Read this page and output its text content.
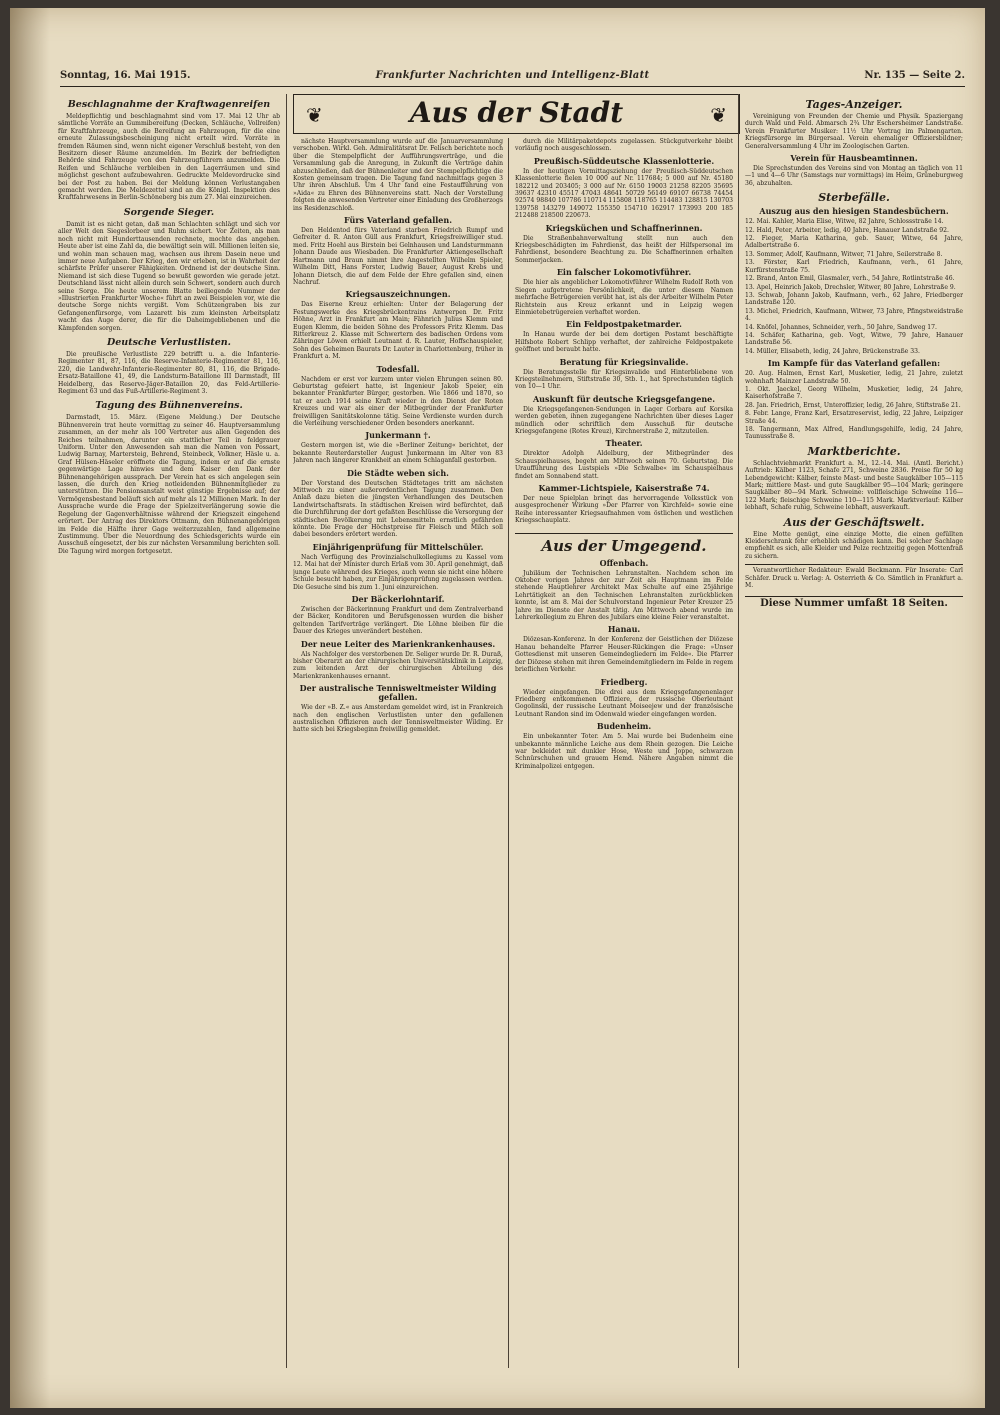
Sonntag, 16. Mai 1915.	Frankfurter Nachrichten und Intelligenz-Blatt	Nr. 135 — Seite 2.
❦	Aus der Stadt	❦
Beschlagnahme der Kraftwagenreifen

Meldepflichtig und beschlagnahmt sind vom 17. Mai 12 Uhr ab sämtliche Vorräte an Gummibereifung (Decken, Schläuche, Vollreifen) für Kraftfahrzeuge, auch die Bereifung an Fahrzeugen, für die eine erneute Zulassungsbescheinigung nicht erteilt wird. Vorräte in fremden Räumen sind, wenn nicht eigener Verschluß besteht, von den Besitzern dieser Räume anzumelden. Im Bezirk der befriedigten Behörde sind Fahrzeuge von den Fahrzeugführern anzumelden. Die Reifen und Schläuche verbleiben in den Lagerräumen und sind möglichst geschont aufzubewahren. Gedruckte Meldevordrucke sind bei der Post zu haben. Bei der Meldung können Verlustangaben gemacht werden. Die Meldezettel sind an die Königl. Inspektion des Kraftfahrwesens in Berlin-Schöneberg bis zum 27. Mai einzureichen.

Sorgende Sieger.

Damit ist es nicht getan, daß man Schlachten schlägt und sich vor aller Welt den Siegeslorbeer und Ruhm sichert. Vor Zeiten, als man noch nicht mit Hunderttausenden rechnete, mochte das angehen. Heute aber ist eine Zahl da, die bewältigt sein will. Millionen leiten sie, und wohin man schauen mag, wachsen aus ihrem Dasein neue und immer neue Aufgaben. Der Krieg, den wir erleben, ist in Wahrheit der schärfste Prüfer unserer Fähigkeiten. Ordnend ist der deutsche Sinn. Niemand ist sich diese Tugend so bewußt geworden wie gerade jetzt. Deutschland lässt nicht allein durch sein Schwert, sondern auch durch seine Sorge. Die heute unserem Blatte beiliegende Nummer der »Illustrierten Frankfurter Woche« führt an zwei Beispielen vor, wie die deutsche Sorge nichts vergißt. Vom Schützengraben bis zur Gefangenenfürsorge, vom Lazarett bis zum kleinsten Arbeitsplatz wacht das Auge derer, die für die Daheimgebliebenen und die Kämpfenden sorgen.

Deutsche Verlustlisten.

Die preußische Verlustliste 229 betrifft u. a. die Infanterie-Regimenter 81, 87, 116, die Reserve-Infanterie-Regimenter 81, 116, 220, die Landwehr-Infanterie-Regimenter 80, 81, 116, die Brigade-Ersatz-Bataillone 41, 49, die Landsturm-Bataillone III Darmstadt, III Heidelberg, das Reserve-Jäger-Bataillon 20, das Feld-Artillerie-Regiment 63 und das Fuß-Artillerie-Regiment 3.

Tagung des Bühnenvereins.

Darmstadt, 15. März. (Eigene Meldung.) Der Deutsche Bühnenverein trat heute vormittag zu seiner 46. Hauptversammlung zusammen, an der mehr als 100 Vertreter aus allen Gegenden des Reiches teilnahmen, darunter ein stattlicher Teil in feldgrauer Uniform. Unter den Anwesenden sah man die Namen von Possart, Ludwig Barnay, Martersteig, Behrend, Steinbeck, Volkner, Häsle u. a. Graf Hülsen-Häseler eröffnete die Tagung, indem er auf die ernste gegenwärtige Lage hinwies und dem Kaiser den Dank der Bühnenangehörigen aussprach. Der Verein hat es sich angelegen sein lassen, die durch den Krieg notleidenden Bühnenmitglieder zu unterstützen. Die Pensionsanstalt weist günstige Ergebnisse auf; der Vermögensbestand beläuft sich auf mehr als 12 Millionen Mark. In der Aussprache wurde die Frage der Spielzeitverlängerung sowie die Regelung der Gagenverhältnisse während der Kriegszeit eingehend erörtert. Der Antrag des Direktors Ottmann, den Bühnenangehörigen im Felde die Hälfte ihrer Gage weiterzuzahlen, fand allgemeine Zustimmung. Über die Neuordnung des Schiedsgerichts wurde ein Ausschuß eingesetzt, der bis zur nächsten Versammlung berichten soll. Die Tagung wird morgen fortgesetzt.

nächste Hauptversammlung wurde auf die Januarversammlung verschoben. Wirkl. Geh. Admiralitätsrat Dr. Felisch berichtete noch über die Stempelpflicht der Aufführungsverträge, und die Versammlung gab die Anregung, in Zukunft die Verträge dahin abzuschließen, daß der Bühnenleiter und der Stempelpflichtige die Kosten gemeinsam tragen. Die Tagung fand nachmittags gegen 3 Uhr ihren Abschluß. Um 4 Uhr fand eine Festaufführung von »Aida« zu Ehren des Bühnenvereins statt. Nach der Vorstellung folgten die anwesenden Vertreter einer Einladung des Großherzogs ins Residenzschloß.

Fürs Vaterland gefallen.

Den Heldentod fürs Vaterland starben Friedrich Rumpf und Gefreiter d. R. Anton Güll aus Frankfurt, Kriegsfreiwilliger stud. med. Fritz Hoehl aus Birstein bei Gelnhausen und Landsturmmann Johann Daude aus Wiesbaden. Die Frankfurter Aktiengesellschaft Hartmann und Braun nimmt ihre Angestellten Wilhelm Spieler, Wilhelm Ditt, Hans Forster, Ludwig Bauer, August Krebs und Johann Dietsch, die auf dem Felde der Ehre gefallen sind, einen Nachruf.

Kriegsauszeichnungen.

Das Eiserne Kreuz erhielten: Unter der Belagerung der Festungswerke des Kriegsbrückentrains Antwerpen Dr. Fritz Höhne, Arzt in Frankfurt am Main; Fähnrich Julius Klemm und Eugen Klemm, die beiden Söhne des Professors Fritz Klemm. Das Ritterkreuz 2. Klasse mit Schwertern des badischen Ordens vom Zähringer Löwen erhielt Leutnant d. R. Lauter, Hoffschauspieler, Sohn des Geheimen Baurats Dr. Lauter in Charlottenburg, früher in Frankfurt a. M.

Todesfall.

Nachdem er erst vor kurzem unter vielen Ehrungen seinen 80. Geburtstag gefeiert hatte, ist Ingenieur Jakob Speier, ein bekannter Frankfurter Bürger, gestorben. Wie 1866 und 1870, so tat er auch 1914 seine Kraft wieder in den Dienst der Roten Kreuzes und war als einer der Mitbegründer der Frankfurter freiwilligen Sanitätskolonne tätig. Seine Verdienste wurden durch die Verleihung verschiedener Orden besonders anerkannt.

Junkermann †.

Gestern morgen ist, wie die »Berliner Zeitung« berichtet, der bekannte Reuterdarsteller August Junkermann im Alter von 83 Jahren nach längerer Krankheit an einem Schlaganfall gestorben.

Die Städte weben sich.

Der Vorstand des Deutschen Städtetages tritt am nächsten Mittwoch zu einer außerordentlichen Tagung zusammen. Den Anlaß dazu bieten die jüngsten Verhandlungen des Deutschen Landwirtschaftsrats. In städtischen Kreisen wird befürchtet, daß die Durchführung der dort gefaßten Beschlüsse die Versorgung der städtischen Bevölkerung mit Lebensmitteln ernstlich gefährden könnte. Die Frage der Höchstpreise für Fleisch und Milch soll dabei besonders erörtert werden.

Einjährigenprüfung für Mittelschüler.

Nach Verfügung des Provinzialschulkollegiums zu Kassel vom 12. Mai hat der Minister durch Erlaß vom 30. April genehmigt, daß junge Leute während des Krieges, auch wenn sie nicht eine höhere Schule besucht haben, zur Einjährigenprüfung zugelassen werden. Die Gesuche sind bis zum 1. Juni einzureichen.

Der Bäckerlohntarif.

Zwischen der Bäckerinnung Frankfurt und dem Zentralverband der Bäcker, Konditoren und Berufsgenossen wurden die bisher geltenden Tarifverträge verlängert. Die Löhne bleiben für die Dauer des Krieges unverändert bestehen.

Der neue Leiter des Marienkrankenhauses.

Als Nachfolger des verstorbenen Dr. Seliger wurde Dr. R. Duraß, bisher Oberarzt an der chirurgischen Universitätsklinik in Leipzig, zum leitenden Arzt der chirurgischen Abteilung des Marienkrankenhauses ernannt.

Der australische Tennisweltmeister Wilding gefallen.

Wie der »B. Z.« aus Amsterdam gemeldet wird, ist in Frankreich nach den englischen Verlustlisten unter den gefallenen australischen Offizieren auch der Tennisweltmeister Wilding. Er hatte sich bei Kriegsbeginn freiwillig gemeldet.

durch die Militärpaketdepots zugelassen. Stückgutverkehr bleibt vorläufig noch ausgeschlossen.

Preußisch-Süddeutsche Klassenlotterie.

In der heutigen Vormittagsziehung der Preußisch-Süddeutschen Klassenlotterie fielen 10 000 auf Nr. 117684; 5 000 auf Nr. 45180 182212 und 203405; 3 000 auf Nr. 6150 19003 21258 82205 35695 39637 42310 45517 47043 48641 50729 56149 69107 66738 74454 92574 98840 107786 110714 115808 118765 114483 128815 130703 139758 143279 149072 155350 154710 162917 173993 200 185 212488 218500 220673.

Kriegsküchen und Schaffnerinnen.

Die Straßenbahnverwaltung stellt nun auch den Kriegsbeschädigten im Fahrdienst, das heißt der Hilfspersonal im Fahrdienst, besondere Beachtung zu. Die Schaffnerinnen erhalten Sommerjacken.

Ein falscher Lokomotivführer.

Die hier als angeblicher Lokomotivführer Wilhelm Rudolf Roth von Siegen aufgetretene Persönlichkeit, die unter diesem Namen mehrfache Betrügereien verübt hat, ist als der Arbeiter Wilhelm Peter Richtstein aus Kreuz erkannt und in Leipzig wegen Einmietebetrügereien verhaftet worden.

Ein Feldpostpaketmarder.

In Hanau wurde der bei dem dortigen Postamt beschäftigte Hilfsbote Robert Schlipp verhaftet, der zahlreiche Feldpostpakete geöffnet und beraubt hatte.

Beratung für Kriegsinvalide.

Die Beratungsstelle für Kriegsinvalide und Hinterbliebene von Kriegsteilnehmern, Stiftstraße 30, Stb. 1., hat Sprechstunden täglich von 10—1 Uhr.

Auskunft für deutsche Kriegsgefangene.

Die Kriegsgefangenen-Sendungen in Lager Corbara auf Korsika werden gebeten, ihnen zugegangene Nachrichten über dieses Lager mündlich oder schriftlich dem Ausschuß für deutsche Kriegsgefangene (Rotes Kreuz), Kirchnerstraße 2, mitzuteilen.

Theater.

Direktor Adolph Aldelburg, der Mitbegründer des Schauspielhauses, begeht am Mittwoch seinen 70. Geburtstag. Die Uraufführung des Lustspiels »Die Schwalbe« im Schauspielhaus findet am Sonnabend statt.

Kammer-Lichtspiele, Kaiserstraße 74.

Der neue Spielplan bringt das hervorragende Volksstück von ausgesprochener Wirkung »Der Pfarrer von Kirchfeld« sowie eine Reihe interessanter Kriegsaufnahmen vom östlichen und westlichen Kriegsschauplatz.

Aus der Umgegend.
Offenbach.

Jubiläum der Technischen Lehranstalten. Nachdem schon im Oktober vorigen Jahres der zur Zeit als Hauptmann im Felde stehende Hauptlehrer Architekt Max Schulte auf eine 25jährige Lehrtätigkeit an den Technischen Lehranstalten zurückblicken konnte, ist am 8. Mai der Schulvorstand Ingenieur Peter Kreuzer 25 Jahre im Dienste der Anstalt tätig. Am Mittwoch abend wurde im Lehrerkollegium zu Ehren des Jubilars eine kleine Feier veranstaltet.

Hanau.

Diözesan-Konferenz. In der Konferenz der Geistlichen der Diözese Hanau behandelte Pfarrer Heuser-Rückingen die Frage: »Unser Gottesdienst mit unseren Gemeindegliedern im Felde«. Die Pfarrer der Diözese stehen mit ihren Gemeindemitgliedern im Felde in regem brieflichen Verkehr.

Friedberg.

Wieder eingefangen. Die drei aus dem Kriegsgefangenenlager Friedberg entkommenen Offiziere, der russische Oberleutnant Gogolinski, der russische Leutnant Moiseejew und der französische Leutnant Randon sind im Odenwald wieder eingefangen worden.

Budenheim.

Ein unbekannter Toter. Am 5. Mai wurde bei Budenheim eine unbekannte männliche Leiche aus dem Rhein gezogen. Die Leiche war bekleidet mit dunkler Hose, Weste und Joppe, schwarzen Schnürschuhen und grauem Hemd. Nähere Angaben nimmt die Kriminalpolizei entgegen.

Tages-Anzeiger.

Vereinigung von Freunden der Chemie und Physik. Spaziergang durch Wald und Feld. Abmarsch 2¾ Uhr Eschersheimer Landstraße. Verein Frankfurter Musiker: 11½ Uhr Vortrag im Palmengarten. Kriegsfürsorge im Bürgersaal. Verein ehemaliger Offiziersbildner; Generalversammlung 4 Uhr im Zoologischen Garten.

Verein für Hausbeamtinnen.

Die Sprechstunden des Vereins sind von Montag an täglich von 11—1 und 4—6 Uhr (Samstags nur vormittags) im Heim, Grüneburgweg 36, abzuhalten.

Sterbefälle.
Auszug aus den hiesigen Standesbüchern.

12. Mai. Kahler, Maria Elise, Witwe, 82 Jahre, Schlossstraße 14.

12. Hald, Peter, Arbeiter, ledig, 40 Jahre, Hanauer Landstraße 92.

12. Fieger, Maria Katharina, geb. Sauer, Witwe, 64 Jahre, Adalbertstraße 6.

13. Sommer, Adolf, Kaufmann, Witwer, 71 Jahre, Seilerstraße 8.

13. Förster, Karl Friedrich, Kaufmann, verh., 61 Jahre, Kurfürstenstraße 75.

12. Brand, Anton Emil, Glasmaler, verh., 54 Jahre, Rotlintstraße 46.

13. Apel, Heinrich Jakob, Drechsler, Witwer, 80 Jahre, Lohrstraße 9.

13. Schwab, Johann Jakob, Kaufmann, verh., 62 Jahre, Friedberger Landstraße 120.

13. Michel, Friedrich, Kaufmann, Witwer, 73 Jahre, Pfingstweidstraße 4.

14. Knöfel, Johannes, Schneider, verh., 50 Jahre, Sandweg 17.

14. Schäfer, Katharina, geb. Vogt, Witwe, 79 Jahre, Hanauer Landstraße 56.

14. Müller, Elisabeth, ledig, 24 Jahre, Brückenstraße 33.

Im Kampfe für das Vaterland gefallen:

20. Aug. Halmen, Ernst Karl, Musketier, ledig, 21 Jahre, zuletzt wohnhaft Mainzer Landstraße 50.

1. Okt. Jaeckel, Georg Wilhelm, Musketier, ledig, 24 Jahre, Kaiserhofstraße 7.

28. Jan. Friedrich, Ernst, Unteroffizier, ledig, 26 Jahre, Stiftstraße 21.

8. Febr. Lange, Franz Karl, Ersatzreservist, ledig, 22 Jahre, Leipziger Straße 44.

18. Tangermann, Max Alfred, Handlungsgehilfe, ledig, 24 Jahre, Taunusstraße 8.

Marktberichte.

Schlachtviehmarkt Frankfurt a. M., 12.-14. Mai. (Amtl. Bericht.) Auftrieb: Kälber 1123, Schafe 271, Schweine 2836. Preise für 50 kg Lebendgewicht: Kälber, feinste Mast- und beste Saugkälber 105—115 Mark; mittlere Mast- und gute Saugkälber 95—104 Mark; geringere Saugkälber 80—94 Mark. Schweine: vollfleischige Schweine 116—122 Mark; fleischige Schweine 110—115 Mark. Marktverlauf: Kälber lebhaft, Schafe ruhig, Schweine lebhaft, ausverkauft.

Aus der Geschäftswelt.

Eine Motte genügt, eine einzige Motte, die einen gefüllten Kleiderschrank fehr erheblich schädigen kann. Bei solcher Sachlage empfiehlt es sich, alle Kleider und Pelze rechtzeitig gegen Mottenfraß zu sichern.

Verantwortlicher Redakteur: Ewald Beckmann. Für Inserate: Carl Schäfer. Druck u. Verlag: A. Osterrieth & Co. Sämtlich in Frankfurt a. M.

Diese Nummer umfaßt 18 Seiten.
